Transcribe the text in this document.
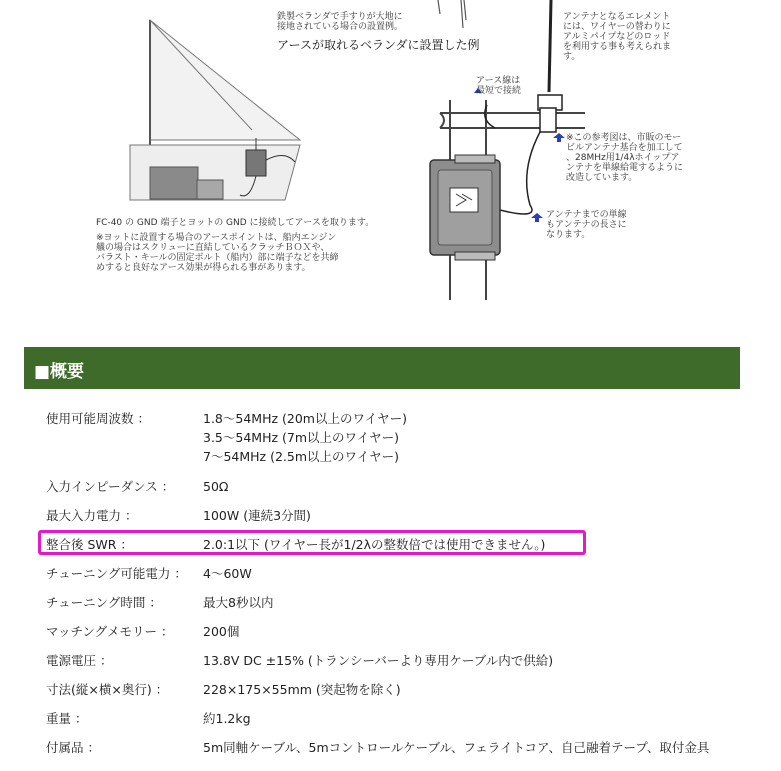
鉄製ベランダで手すりが大地に
接地されている場合の設置例。
アースが取れるベランダに設置した例
FC-40 の GND 端子とヨットの GND に接続してアースを取ります。
※ヨットに設置する場合のアースポイントは、船内エンジン
艤の場合はスクリューに直結しているクラッチＢＯＸや、
バラスト・キールの固定ボルト（船内）部に端子などを共締
めすると良好なアース効果が得られる事があります。
アンテナとなるエレメント
には、ワイヤーの替わりに
アルミパイプなどのロッド
を利用する事も考えられま
す。
アース線は
最短で接続
※この参考図は、市販のモー
ビルアンテナ基台を加工して
、28MHz用1/4λホイップア
ンテナを単線給電するように
改造しています。
アンテナまでの単線
もアンテナの長さに
なります。
■概要
使用可能周波数 ：	1.8〜54MHz (20m以上のワイヤー)
3.5〜54MHz (7m以上のワイヤー)
7〜54MHz (2.5m以上のワイヤー)
入力インピーダンス ： 50Ω
最大入力電力 ：	100W (連続3分間)
整合後 SWR ：	2.0:1以下 (ワイヤー長が1/2λの整数倍では使用できません。)
チューニング可能電力 ： 4〜60W
チューニング時間 ：	最大8秒以内
マッチングメモリー ： 200個
電源電圧 ：	13.8V DC ±15% (トランシーバーより専用ケーブル内で供給)
寸法(縦×横×奥行) ：	228×175×55mm (突起物を除く)
重量 ：	約1.2kg
付属品 ：	5m同軸ケーブル、5mコントロールケーブル、フェライトコア、自己融着テープ、取付金具
